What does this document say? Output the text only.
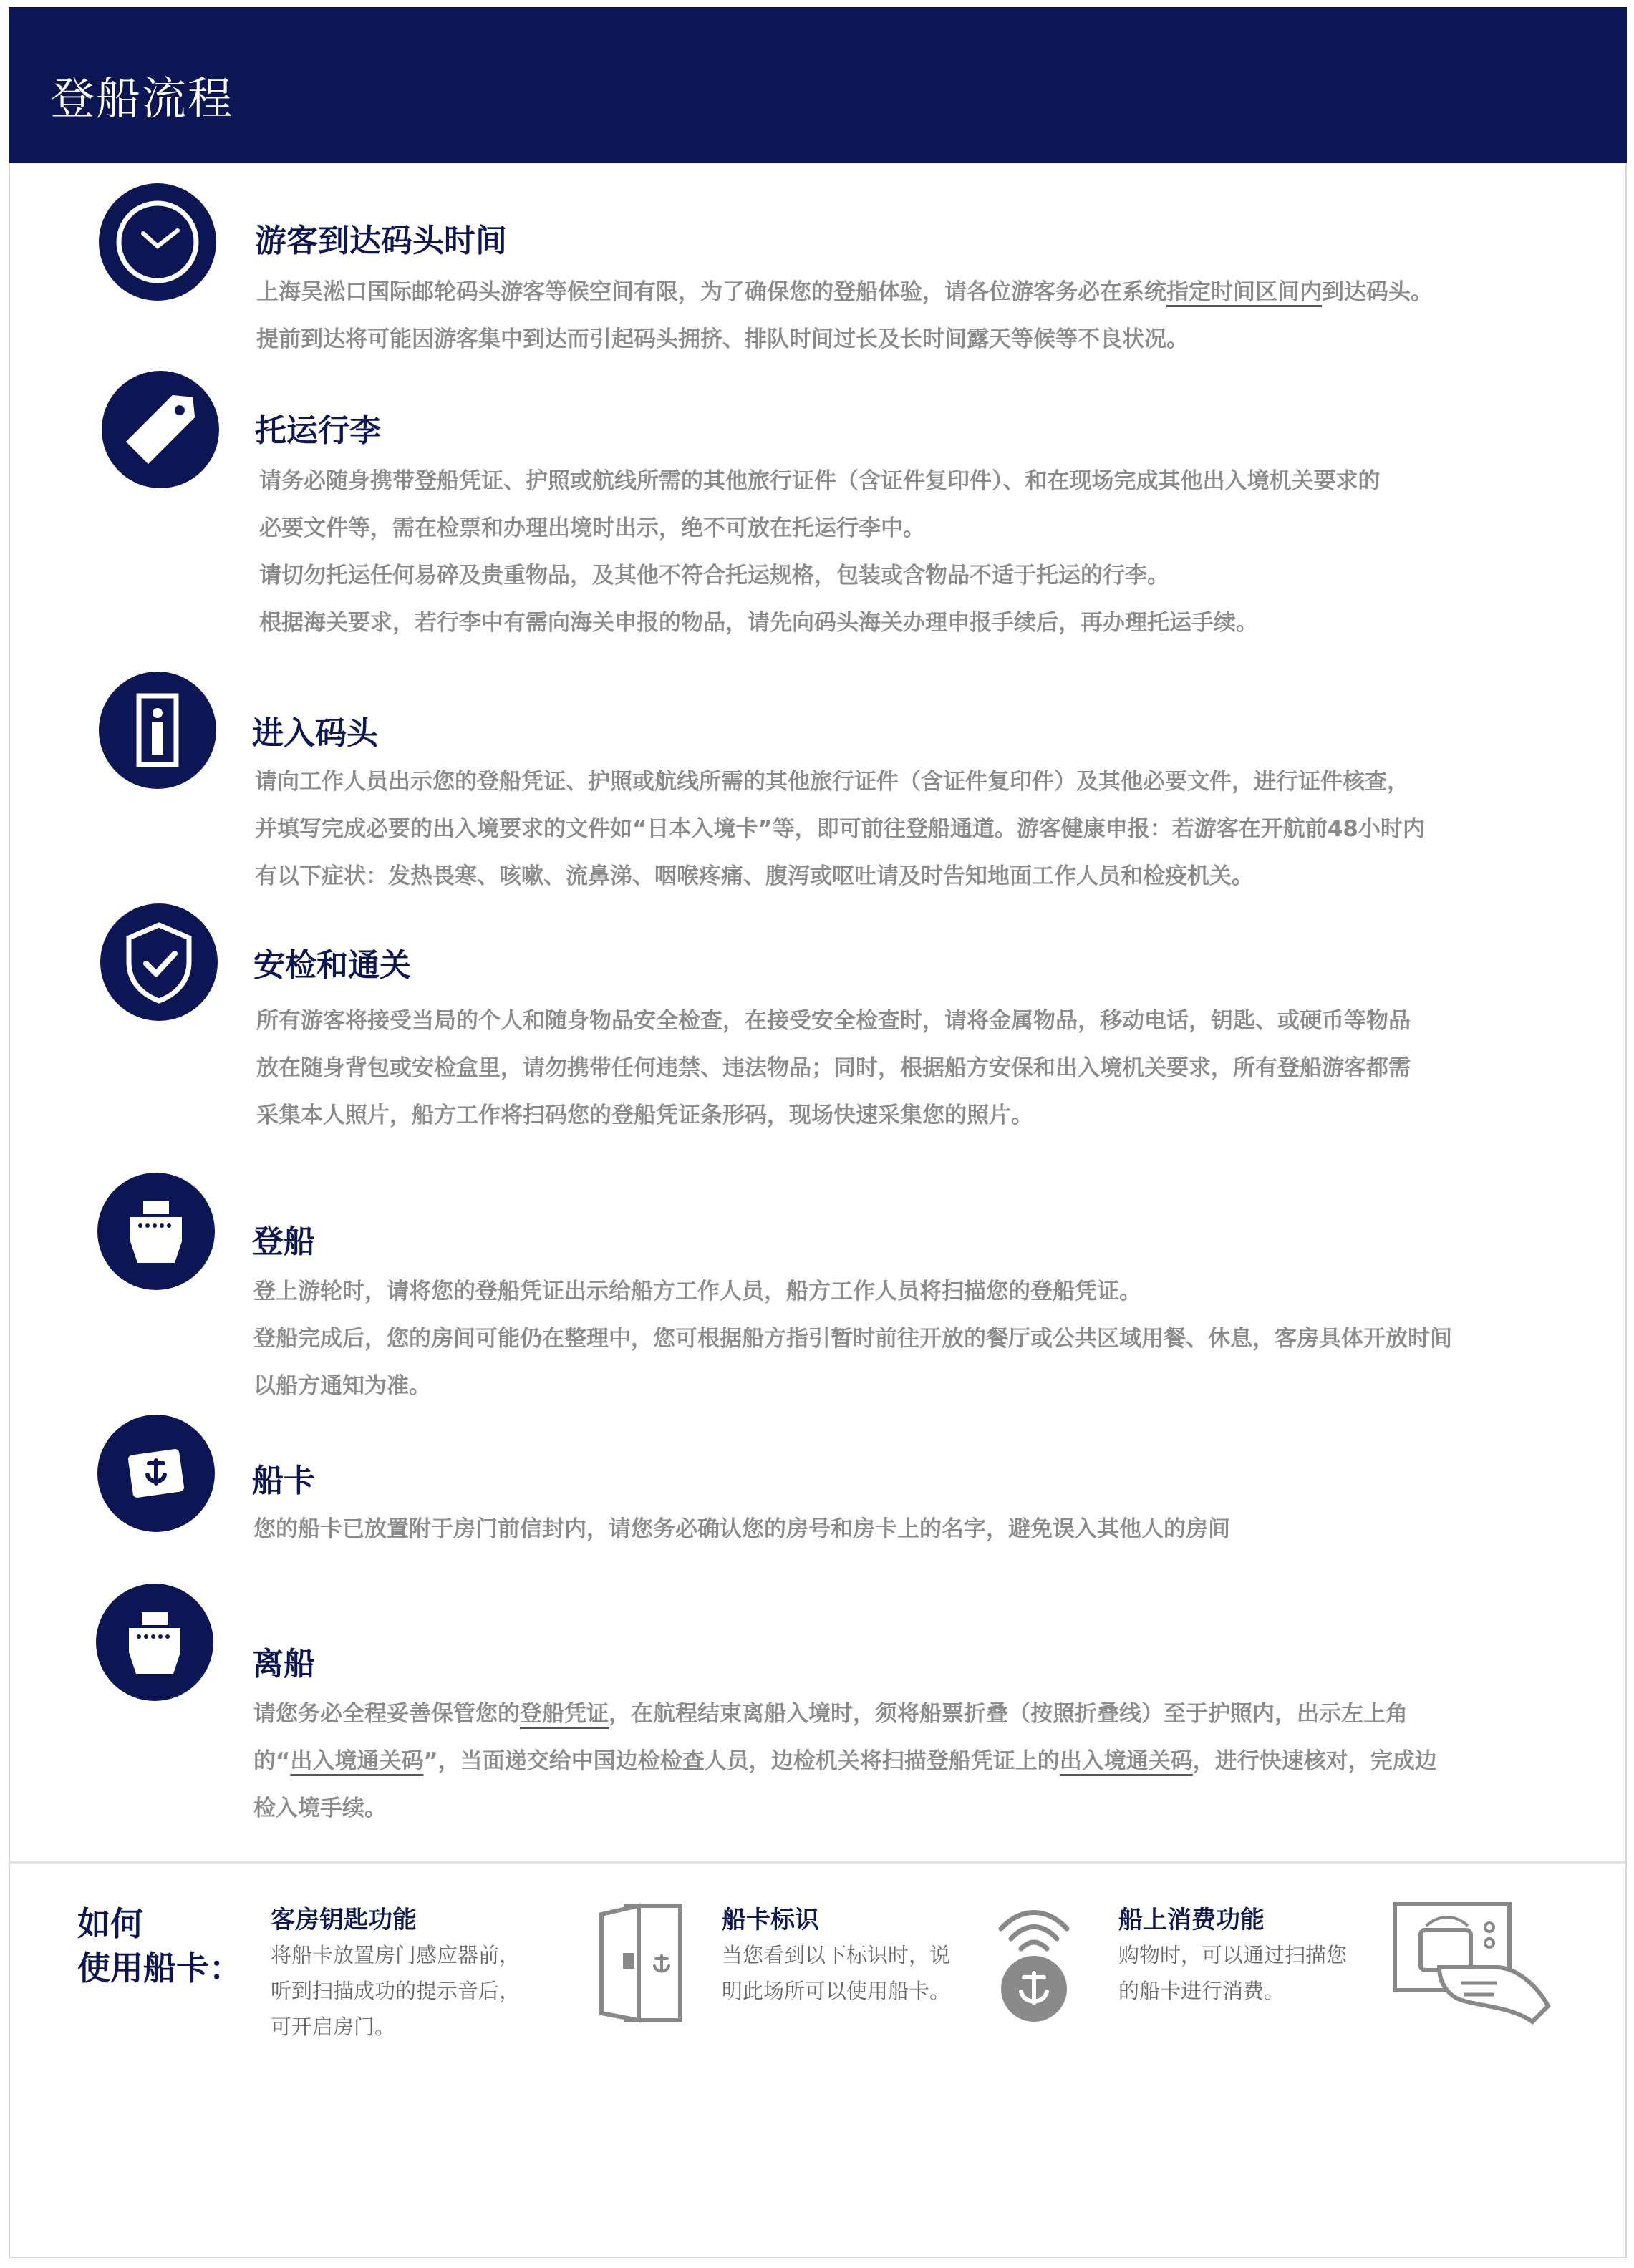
登船流程
游客到达码头时间
上海吴淞口国际邮轮码头游客等候空间有限，为了确保您的登船体验，请各位游客务必在系统指定时间区间内到达码头。
提前到达将可能因游客集中到达而引起码头拥挤、排队时间过长及长时间露天等候等不良状况。
托运行李
请务必随身携带登船凭证、护照或航线所需的其他旅行证件（含证件复印件）、和在现场完成其他出入境机关要求的
必要文件等，需在检票和办理出境时出示，绝不可放在托运行李中。
请切勿托运任何易碎及贵重物品，及其他不符合托运规格，包装或含物品不适于托运的行李。
根据海关要求，若行李中有需向海关申报的物品，请先向码头海关办理申报手续后，再办理托运手续。
进入码头
请向工作人员出示您的登船凭证、护照或航线所需的其他旅行证件（含证件复印件）及其他必要文件，进行证件核查，
并填写完成必要的出入境要求的文件如“日本入境卡”等，即可前往登船通道。游客健康申报：若游客在开航前48小时内
有以下症状：发热畏寒、咳嗽、流鼻涕、咽喉疼痛、腹泻或呕吐请及时告知地面工作人员和检疫机关。
安检和通关
所有游客将接受当局的个人和随身物品安全检查，在接受安全检查时，请将金属物品，移动电话，钥匙、或硬币等物品
放在随身背包或安检盒里，请勿携带任何违禁、违法物品；同时，根据船方安保和出入境机关要求，所有登船游客都需
采集本人照片，船方工作将扫码您的登船凭证条形码，现场快速采集您的照片。
登船
登上游轮时，请将您的登船凭证出示给船方工作人员，船方工作人员将扫描您的登船凭证。
登船完成后，您的房间可能仍在整理中，您可根据船方指引暂时前往开放的餐厅或公共区域用餐、休息，客房具体开放时间
以船方通知为准。
船卡
您的船卡已放置附于房门前信封内，请您务必确认您的房号和房卡上的名字，避免误入其他人的房间
离船
请您务必全程妥善保管您的登船凭证，在航程结束离船入境时，须将船票折叠（按照折叠线）至于护照内，出示左上角
的“出入境通关码”，当面递交给中国边检检查人员，边检机关将扫描登船凭证上的出入境通关码，进行快速核对，完成边
检入境手续。
如何
使用船卡：
客房钥匙功能
将船卡放置房门感应器前，
听到扫描成功的提示音后，
可开启房门。
船卡标识
当您看到以下标识时，说
明此场所可以使用船卡。
船上消费功能
购物时，可以通过扫描您
的船卡进行消费。
